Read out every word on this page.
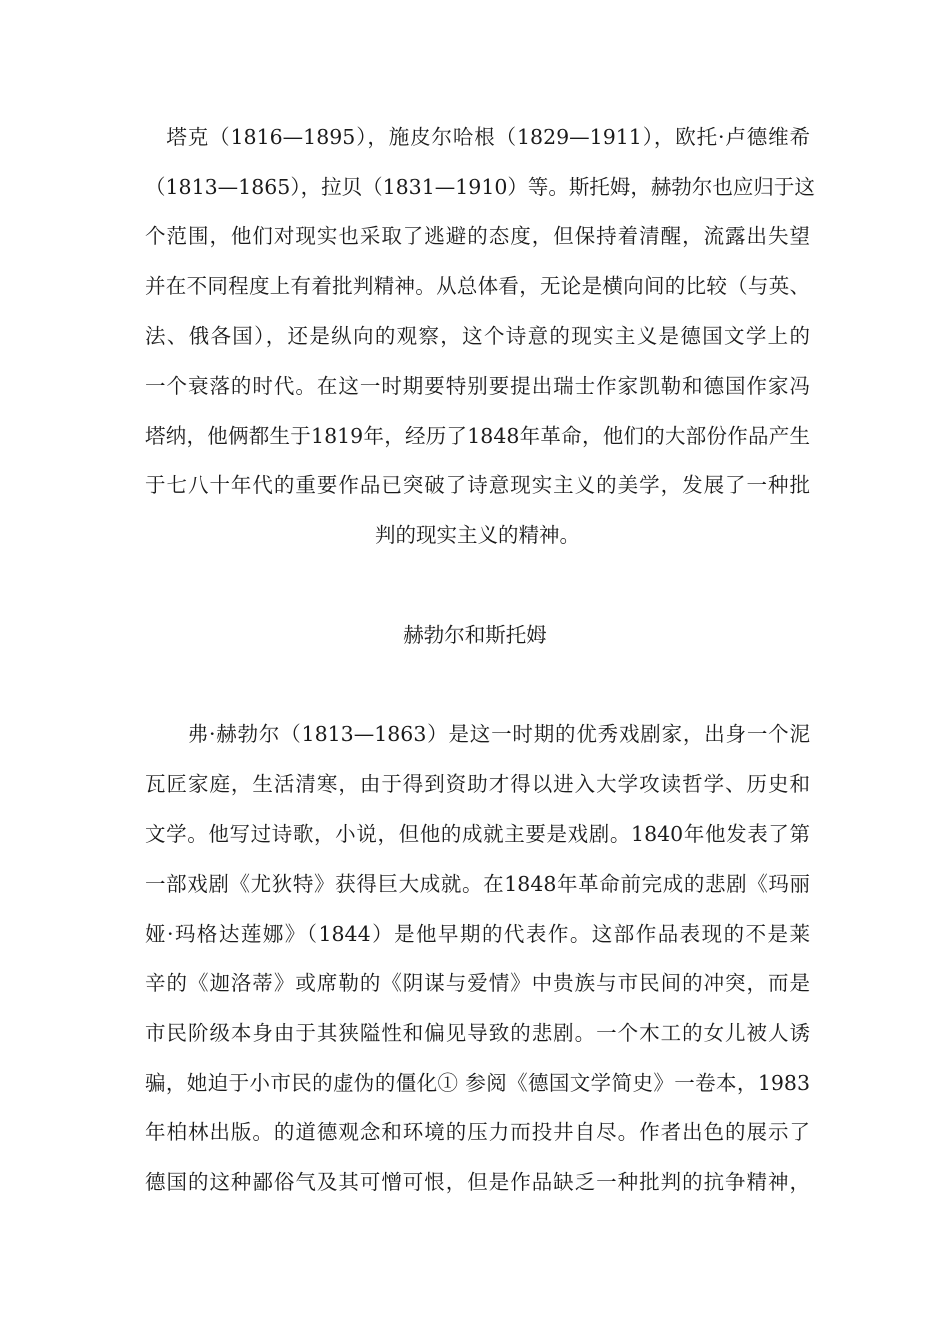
　塔克（1816—1895），施皮尔哈根（1829—1911），欧托·卢德维希
（1813—1865），拉贝（1831—1910）等。斯托姆，赫勃尔也应归于这
个范围，他们对现实也采取了逃避的态度，但保持着清醒，流露出失望
并在不同程度上有着批判精神。从总体看，无论是横向间的比较（与英、
法、俄各国），还是纵向的观察，这个诗意的现实主义是德国文学上的
一个衰落的时代。在这一时期要特别要提出瑞士作家凯勒和德国作家冯
塔纳，他俩都生于1819年，经历了1848年革命，他们的大部份作品产生
于七八十年代的重要作品已突破了诗意现实主义的美学，发展了一种批
判的现实主义的精神。
赫勃尔和斯托姆
　　弗·赫勃尔（1813—1863）是这一时期的优秀戏剧家，出身一个泥
瓦匠家庭，生活清寒，由于得到资助才得以进入大学攻读哲学、历史和
文学。他写过诗歌，小说，但他的成就主要是戏剧。1840年他发表了第
一部戏剧《尤狄特》获得巨大成就。在1848年革命前完成的悲剧《玛丽
娅·玛格达莲娜》（1844）是他早期的代表作。这部作品表现的不是莱
辛的《迦洛蒂》或席勒的《阴谋与爱情》中贵族与市民间的冲突，而是
市民阶级本身由于其狭隘性和偏见导致的悲剧。一个木工的女儿被人诱
骗，她迫于小市民的虚伪的僵化① 参阅《德国文学简史》一卷本，1983
年柏林出版。的道德观念和环境的压力而投井自尽。作者出色的展示了
德国的这种鄙俗气及其可憎可恨，但是作品缺乏一种批判的抗争精神，
